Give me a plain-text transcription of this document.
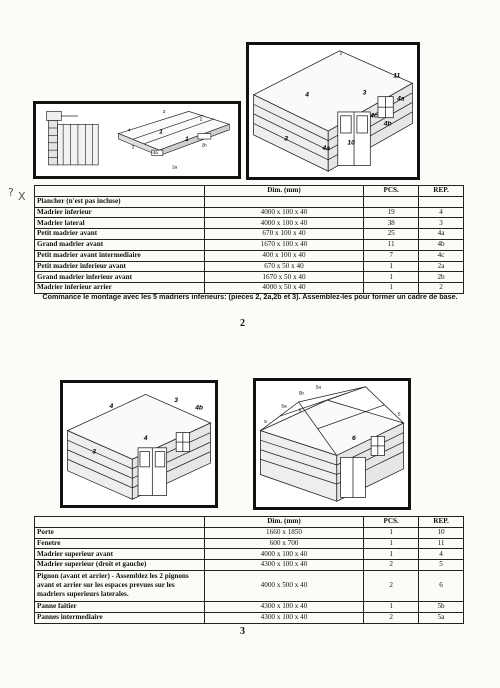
? X
2
2
1
1
4
3
4a
2a
2b
11
3
4
4a
4b
4c
10
3
4a
2
	Dim. (mm)	PCS.	REP.
Plancher (n'est pas incluse)			
Madrier inferieur	4000 x 100 x 40	19	4
Madrier lateral	4000 x 100 x 40	38	3
Petit madrier avant	670 x 100 x 40	25	4a
Grand madrier avant	1670 x 100 x 40	11	4b
Petit madrier avant intermediaire	400 x 100 x 40	7	4c
Petit madrier inferieur avant	670 x 50 x 40	1	2a
Grand madrier inferieur avant	1670 x 50 x 40	1	2b
Madrier inferieur arrier	4000 x 50 x 40	1	2
Commance le montage avec les 5 madriers inferieurs: (pieces 2, 2a,2b et 3). Assemblez-les pour former un cadre de base.
2
4
3
4b
4
3
5a
5b
5a
6
5
5
6
	Dim. (mm)	PCS.	REP.
Porte	1660 x 1850	1	10
Fenetre	600 x 700	1	11
Madrier superieur avant	4000 x 100 x 40	1	4
Madrier superieur (droit et gauche)	4300 x 100 x 40	2	5
Pignon (avant et arrier) - Assemblez les 2 pignons avant et arrier sur les espaces prevues sur les madriers superieurs laterales.	4000 x 500 x 40	2	6
Panne faitier	4300 x 100 x 40	1	5b
Pannes intermediaire	4300 x 100 x 40	2	5a
3
